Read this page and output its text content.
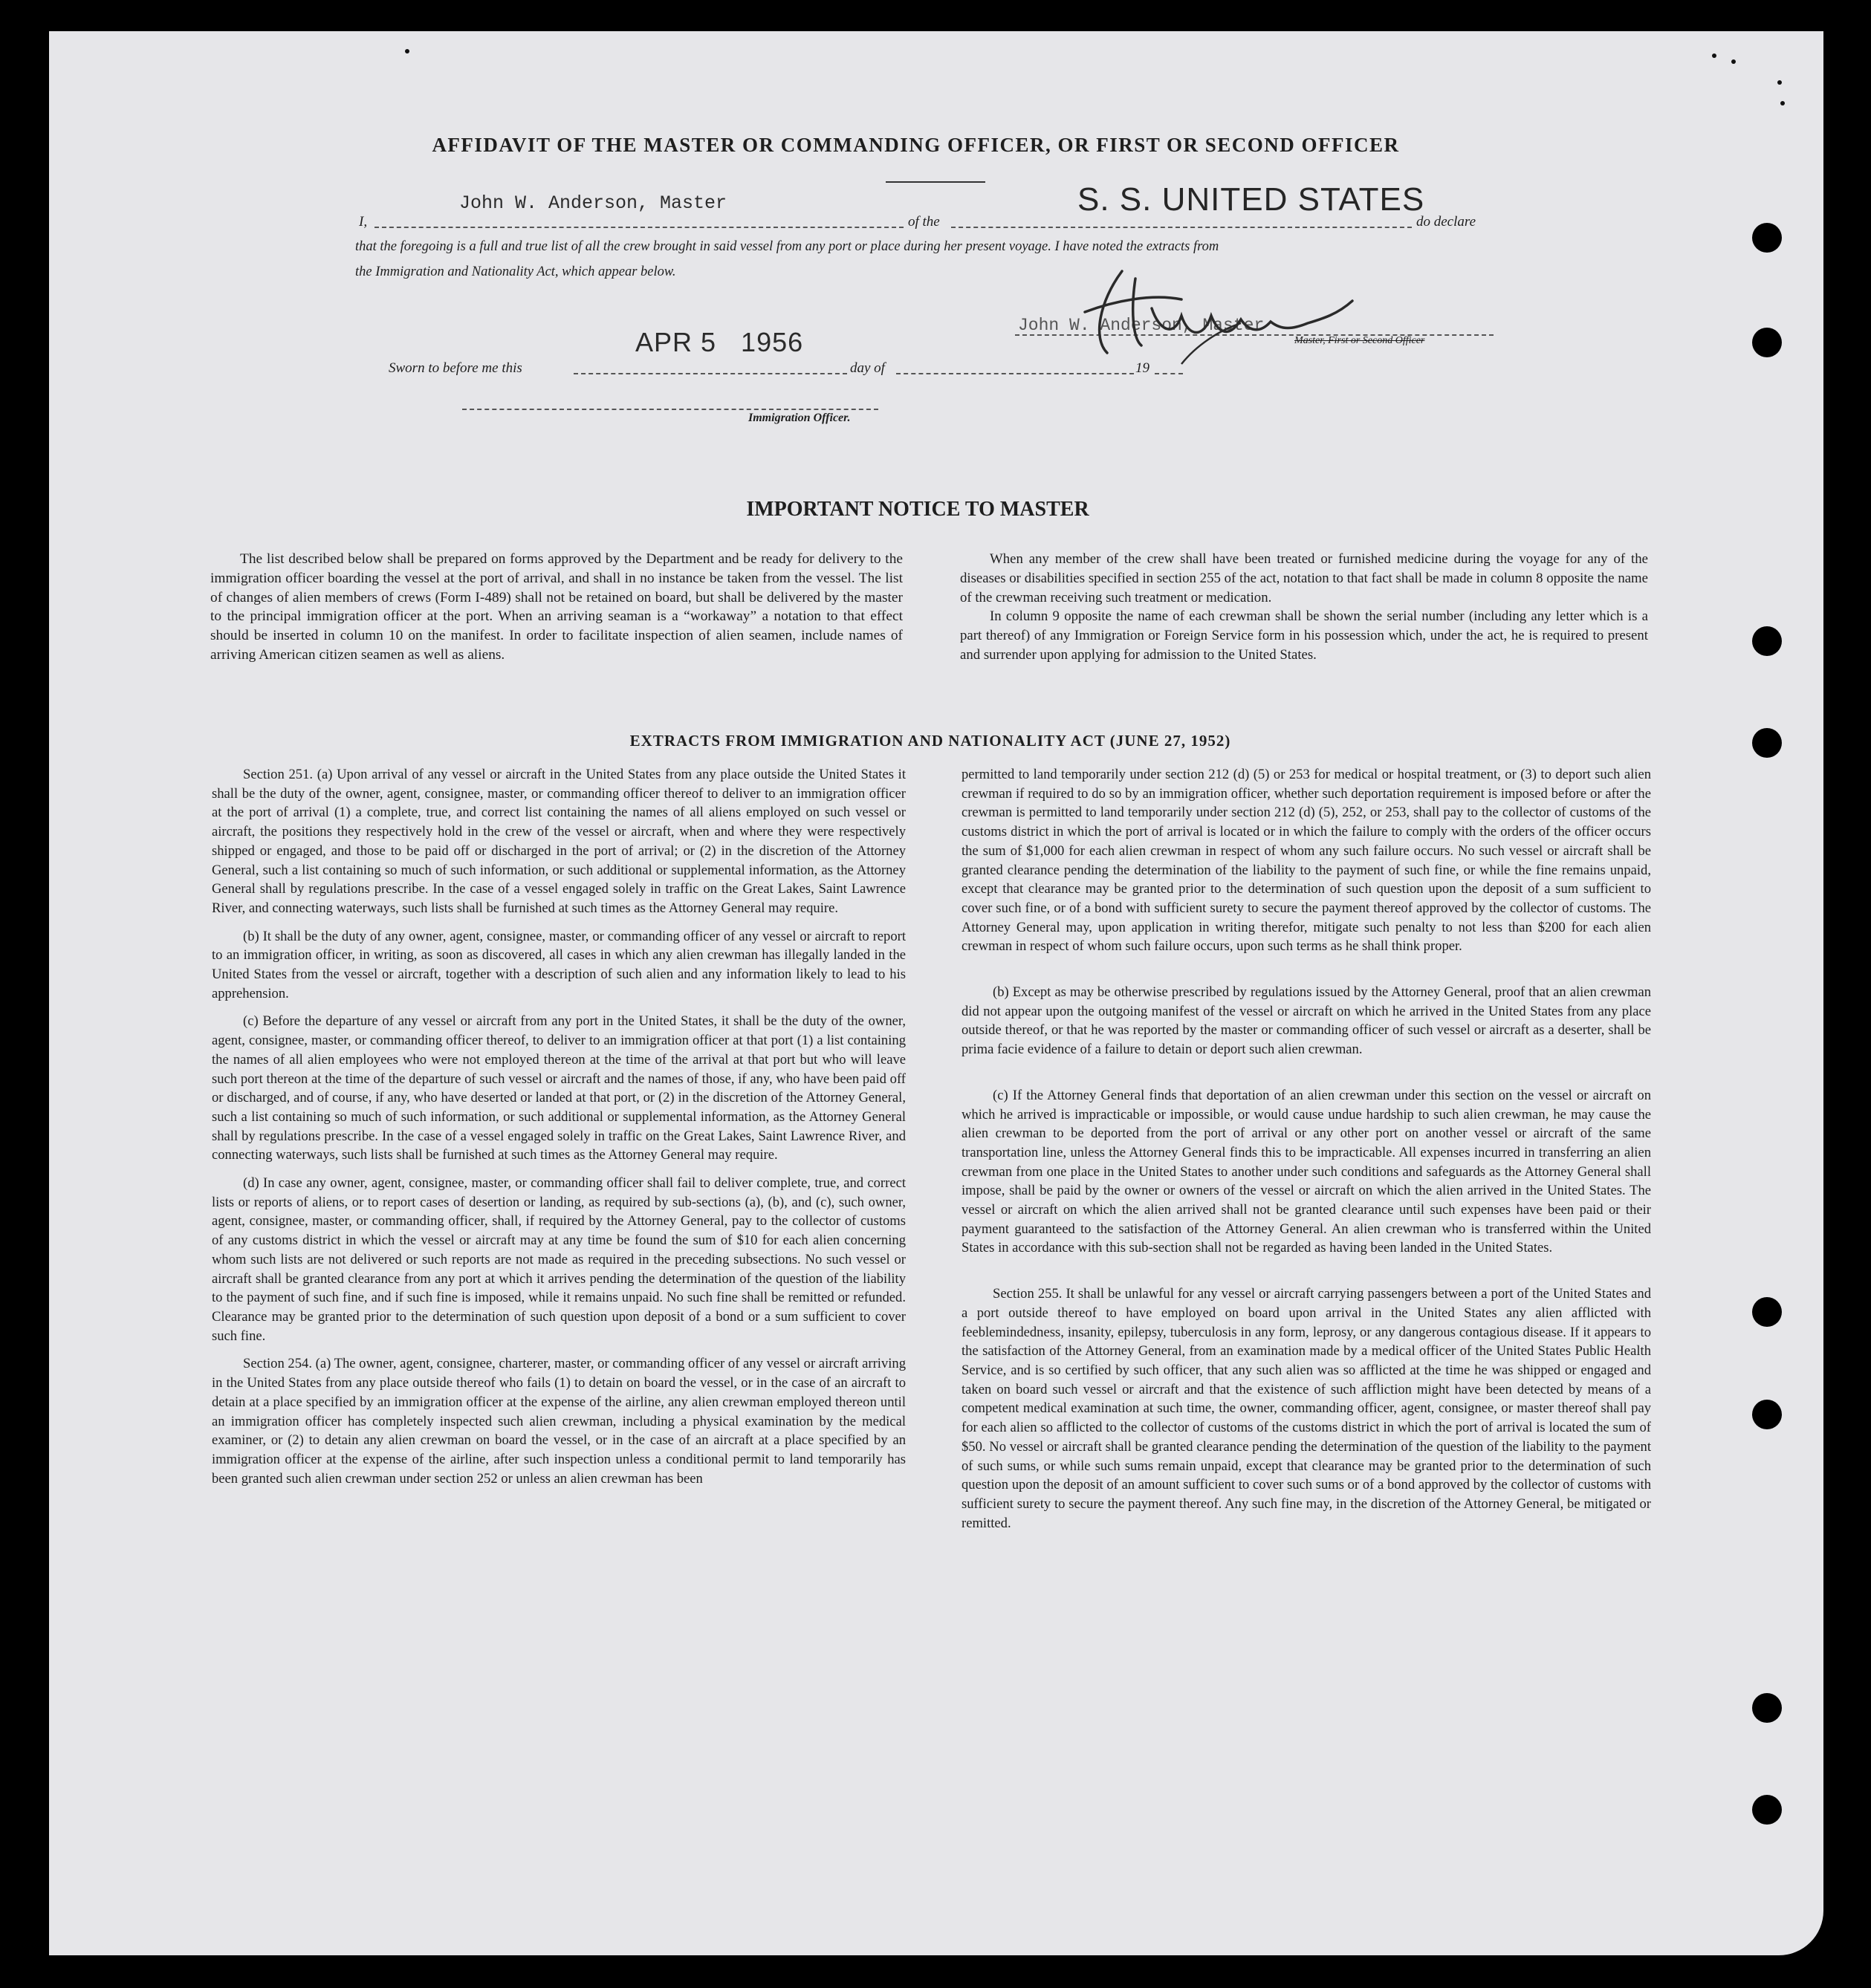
AFFIDAVIT OF THE MASTER OR COMMANDING OFFICER, OR FIRST OR SECOND OFFICER
I,
John W. Anderson, Master
of the
S. S. UNITED STATES
do declare
that the foregoing is a full and true list of all the crew brought in said vessel from any port or place during her present voyage. I have noted the extracts from
the Immigration and Nationality Act, which appear below.
John W. Anderson, Master
Master, First or Second Officer
Sworn to before me this
APR 5   1956
day of	19
Immigration Officer.
IMPORTANT NOTICE TO MASTER

The list described below shall be prepared on forms approved by the Department and be ready for delivery to the immigration officer boarding the vessel at the port of arrival, and shall in no instance be taken from the vessel. The list of changes of alien members of crews (Form I-489) shall not be retained on board, but shall be delivered by the master to the principal immigration officer at the port. When an arriving seaman is a “workaway” a notation to that effect should be inserted in column 10 on the manifest. In order to facilitate inspection of alien seamen, include names of arriving American citizen seamen as well as aliens.

When any member of the crew shall have been treated or furnished medicine during the voyage for any of the diseases or disabilities specified in section 255 of the act, notation to that fact shall be made in column 8 opposite the name of the crewman receiving such treatment or medication.

In column 9 opposite the name of each crewman shall be shown the serial number (including any letter which is a part thereof) of any Immigration or Foreign Service form in his possession which, under the act, he is required to present and surrender upon applying for admission to the United States.

EXTRACTS FROM IMMIGRATION AND NATIONALITY ACT (JUNE 27, 1952)

Section 251. (a) Upon arrival of any vessel or aircraft in the United States from any place outside the United States it shall be the duty of the owner, agent, consignee, master, or commanding officer thereof to deliver to an immigration officer at the port of arrival (1) a complete, true, and correct list containing the names of all aliens employed on such vessel or aircraft, the positions they respectively hold in the crew of the vessel or aircraft, when and where they were respectively shipped or engaged, and those to be paid off or discharged in the port of arrival; or (2) in the discretion of the Attorney General, such a list containing so much of such information, or such additional or supplemental information, as the Attorney General shall by regulations prescribe. In the case of a vessel engaged solely in traffic on the Great Lakes, Saint Lawrence River, and connecting waterways, such lists shall be furnished at such times as the Attorney General may require.

(b) It shall be the duty of any owner, agent, consignee, master, or commanding officer of any vessel or aircraft to report to an immigration officer, in writing, as soon as discovered, all cases in which any alien crewman has illegally landed in the United States from the vessel or aircraft, together with a description of such alien and any information likely to lead to his apprehension.

(c) Before the departure of any vessel or aircraft from any port in the United States, it shall be the duty of the owner, agent, consignee, master, or commanding officer thereof, to deliver to an immigration officer at that port (1) a list containing the names of all alien employees who were not employed thereon at the time of the arrival at that port but who will leave such port thereon at the time of the departure of such vessel or aircraft and the names of those, if any, who have been paid off or discharged, and of course, if any, who have deserted or landed at that port, or (2) in the discretion of the Attorney General, such a list containing so much of such information, or such additional or supplemental information, as the Attorney General shall by regulations prescribe. In the case of a vessel engaged solely in traffic on the Great Lakes, Saint Lawrence River, and connecting waterways, such lists shall be furnished at such times as the Attorney General may require.

(d) In case any owner, agent, consignee, master, or commanding officer shall fail to deliver complete, true, and correct lists or reports of aliens, or to report cases of desertion or landing, as required by sub-sections (a), (b), and (c), such owner, agent, consignee, master, or commanding officer, shall, if required by the Attorney General, pay to the collector of customs of any customs district in which the vessel or aircraft may at any time be found the sum of $10 for each alien concerning whom such lists are not delivered or such reports are not made as required in the preceding subsections. No such vessel or aircraft shall be granted clearance from any port at which it arrives pending the determination of the question of the liability to the payment of such fine, and if such fine is imposed, while it remains unpaid. No such fine shall be remitted or refunded. Clearance may be granted prior to the determination of such question upon deposit of a bond or a sum sufficient to cover such fine.

Section 254. (a) The owner, agent, consignee, charterer, master, or commanding officer of any vessel or aircraft arriving in the United States from any place outside thereof who fails (1) to detain on board the vessel, or in the case of an aircraft to detain at a place specified by an immigration officer at the expense of the airline, any alien crewman employed thereon until an immigration officer has completely inspected such alien crewman, including a physical examination by the medical examiner, or (2) to detain any alien crewman on board the vessel, or in the case of an aircraft at a place specified by an immigration officer at the expense of the airline, after such inspection unless a conditional permit to land temporarily has been granted such alien crewman under section 252 or unless an alien crewman has been

permitted to land temporarily under section 212 (d) (5) or 253 for medical or hospital treatment, or (3) to deport such alien crewman if required to do so by an immigration officer, whether such deportation requirement is imposed before or after the crewman is permitted to land temporarily under section 212 (d) (5), 252, or 253, shall pay to the collector of customs of the customs district in which the port of arrival is located or in which the failure to comply with the orders of the officer occurs the sum of $1,000 for each alien crewman in respect of whom any such failure occurs. No such vessel or aircraft shall be granted clearance pending the determination of the liability to the payment of such fine, or while the fine remains unpaid, except that clearance may be granted prior to the determination of such question upon the deposit of a sum sufficient to cover such fine, or of a bond with sufficient surety to secure the payment thereof approved by the collector of customs. The Attorney General may, upon application in writing therefor, mitigate such penalty to not less than $200 for each alien crewman in respect of whom such failure occurs, upon such terms as he shall think proper.

(b) Except as may be otherwise prescribed by regulations issued by the Attorney General, proof that an alien crewman did not appear upon the outgoing manifest of the vessel or aircraft on which he arrived in the United States from any place outside thereof, or that he was reported by the master or commanding officer of such vessel or aircraft as a deserter, shall be prima facie evidence of a failure to detain or deport such alien crewman.

(c) If the Attorney General finds that deportation of an alien crewman under this section on the vessel or aircraft on which he arrived is impracticable or impossible, or would cause undue hardship to such alien crewman, he may cause the alien crewman to be deported from the port of arrival or any other port on another vessel or aircraft of the same transportation line, unless the Attorney General finds this to be impracticable. All expenses incurred in transferring an alien crewman from one place in the United States to another under such conditions and safeguards as the Attorney General shall impose, shall be paid by the owner or owners of the vessel or aircraft on which the alien arrived in the United States. The vessel or aircraft on which the alien arrived shall not be granted clearance until such expenses have been paid or their payment guaranteed to the satisfaction of the Attorney General. An alien crewman who is transferred within the United States in accordance with this sub-section shall not be regarded as having been landed in the United States.

Section 255. It shall be unlawful for any vessel or aircraft carrying passengers between a port of the United States and a port outside thereof to have employed on board upon arrival in the United States any alien afflicted with feeblemindedness, insanity, epilepsy, tuberculosis in any form, leprosy, or any dangerous contagious disease. If it appears to the satisfaction of the Attorney General, from an examination made by a medical officer of the United States Public Health Service, and is so certified by such officer, that any such alien was so afflicted at the time he was shipped or engaged and taken on board such vessel or aircraft and that the existence of such affliction might have been detected by means of a competent medical examination at such time, the owner, commanding officer, agent, consignee, or master thereof shall pay for each alien so afflicted to the collector of customs of the customs district in which the port of arrival is located the sum of $50. No vessel or aircraft shall be granted clearance pending the determination of the question of the liability to the payment of such sums, or while such sums remain unpaid, except that clearance may be granted prior to the determination of such question upon the deposit of an amount sufficient to cover such sums or of a bond approved by the collector of customs with sufficient surety to secure the payment thereof. Any such fine may, in the discretion of the Attorney General, be mitigated or remitted.
